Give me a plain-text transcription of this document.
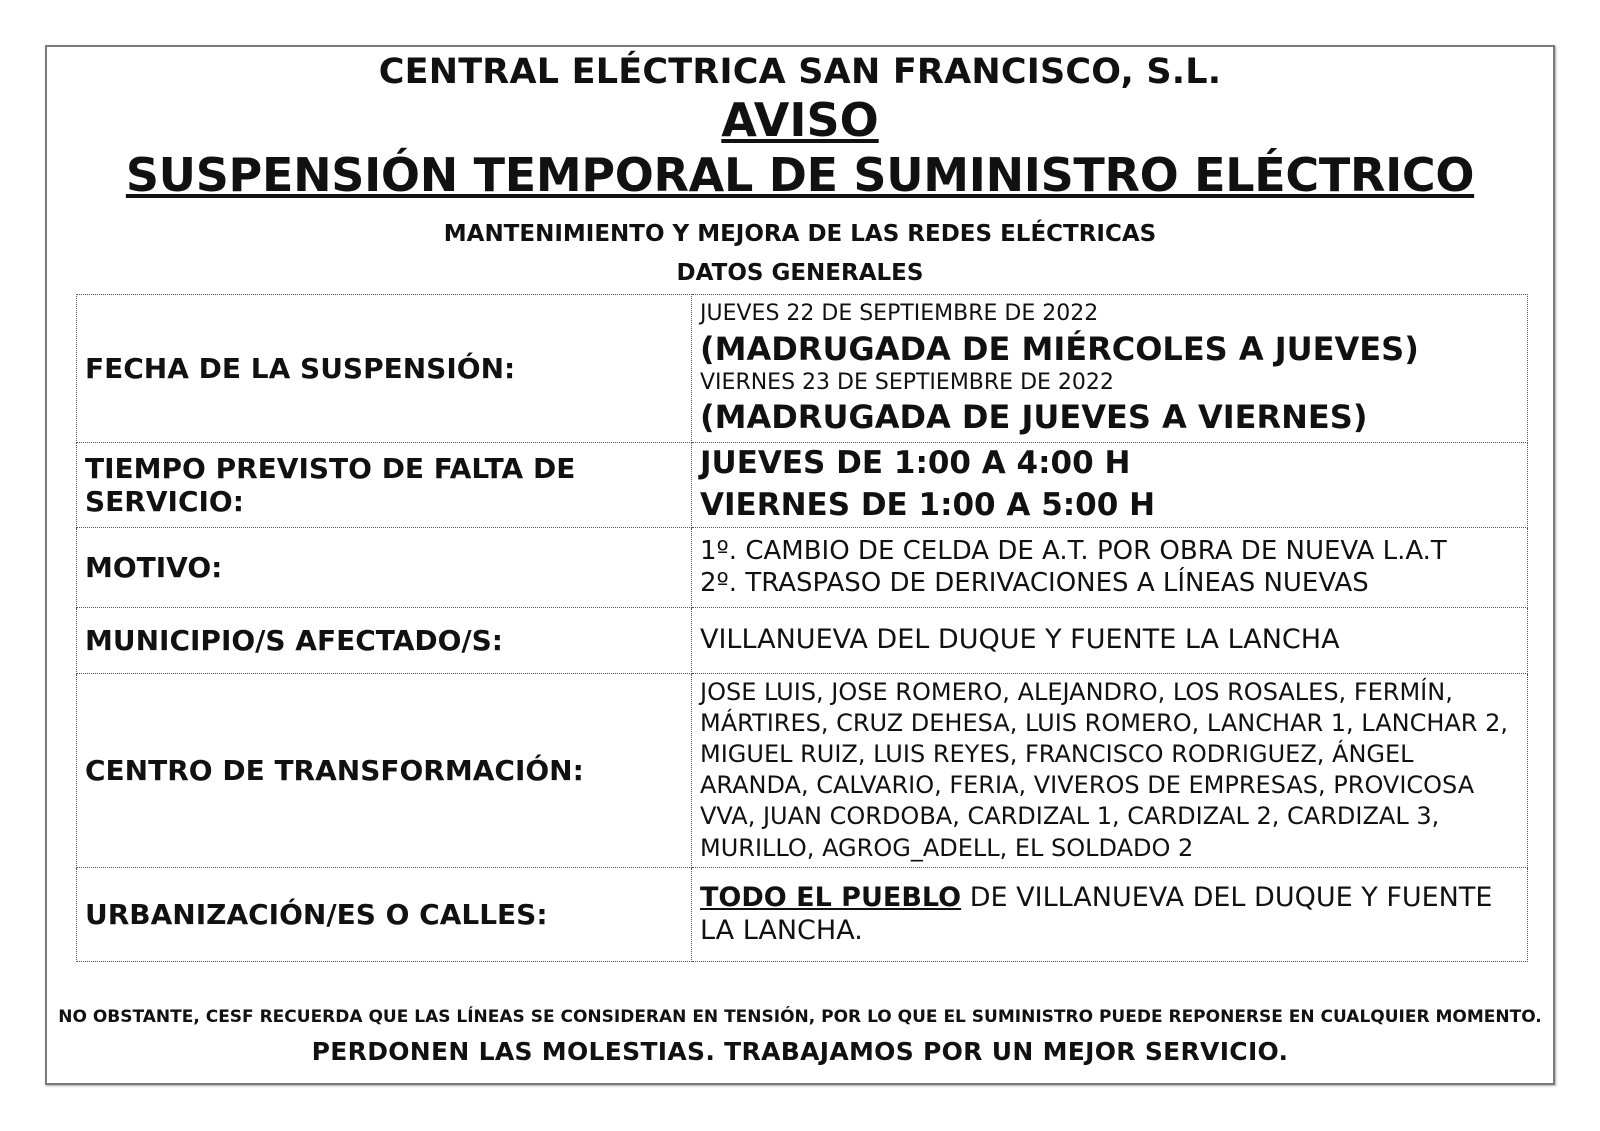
CENTRAL ELÉCTRICA SAN FRANCISCO, S.L.
AVISO
SUSPENSIÓN TEMPORAL DE SUMINISTRO ELÉCTRICO
MANTENIMIENTO Y MEJORA DE LAS REDES ELÉCTRICAS
DATOS GENERALES
FECHA DE LA SUSPENSIÓN:	JUEVES 22 DE SEPTIEMBRE DE 2022
(MADRUGADA DE MIÉRCOLES A JUEVES)
VIERNES 23 DE SEPTIEMBRE DE 2022
(MADRUGADA DE JUEVES A VIERNES)

TIEMPO PREVISTO DE FALTA DE SERVICIO:	JUEVES DE 1:00 A 4:00 H
VIERNES DE 1:00 A 5:00 H

MOTIVO:	1º. CAMBIO DE CELDA DE A.T. POR OBRA DE NUEVA L.A.T
2º. TRASPASO DE DERIVACIONES A LÍNEAS NUEVAS

MUNICIPIO/S AFECTADO/S:	VILLANUEVA DEL DUQUE Y FUENTE LA LANCHA
CENTRO DE TRANSFORMACIÓN:	JOSE LUIS, JOSE ROMERO, ALEJANDRO, LOS ROSALES, FERMÍN, MÁRTIRES, CRUZ DEHESA, LUIS ROMERO, LANCHAR 1, LANCHAR 2, MIGUEL RUIZ, LUIS REYES, FRANCISCO RODRIGUEZ, ÁNGEL ARANDA, CALVARIO, FERIA, VIVEROS DE EMPRESAS, PROVICOSA VVA, JUAN CORDOBA, CARDIZAL 1, CARDIZAL 2, CARDIZAL 3, MURILLO, AGROG_ADELL, EL SOLDADO 2
URBANIZACIÓN/ES O CALLES:	TODO EL PUEBLO DE VILLANUEVA DEL DUQUE Y FUENTE LA LANCHA.
NO OBSTANTE, CESF RECUERDA QUE LAS LÍNEAS SE CONSIDERAN EN TENSIÓN, POR LO QUE EL SUMINISTRO PUEDE REPONERSE EN CUALQUIER MOMENTO.
PERDONEN LAS MOLESTIAS. TRABAJAMOS POR UN MEJOR SERVICIO.
